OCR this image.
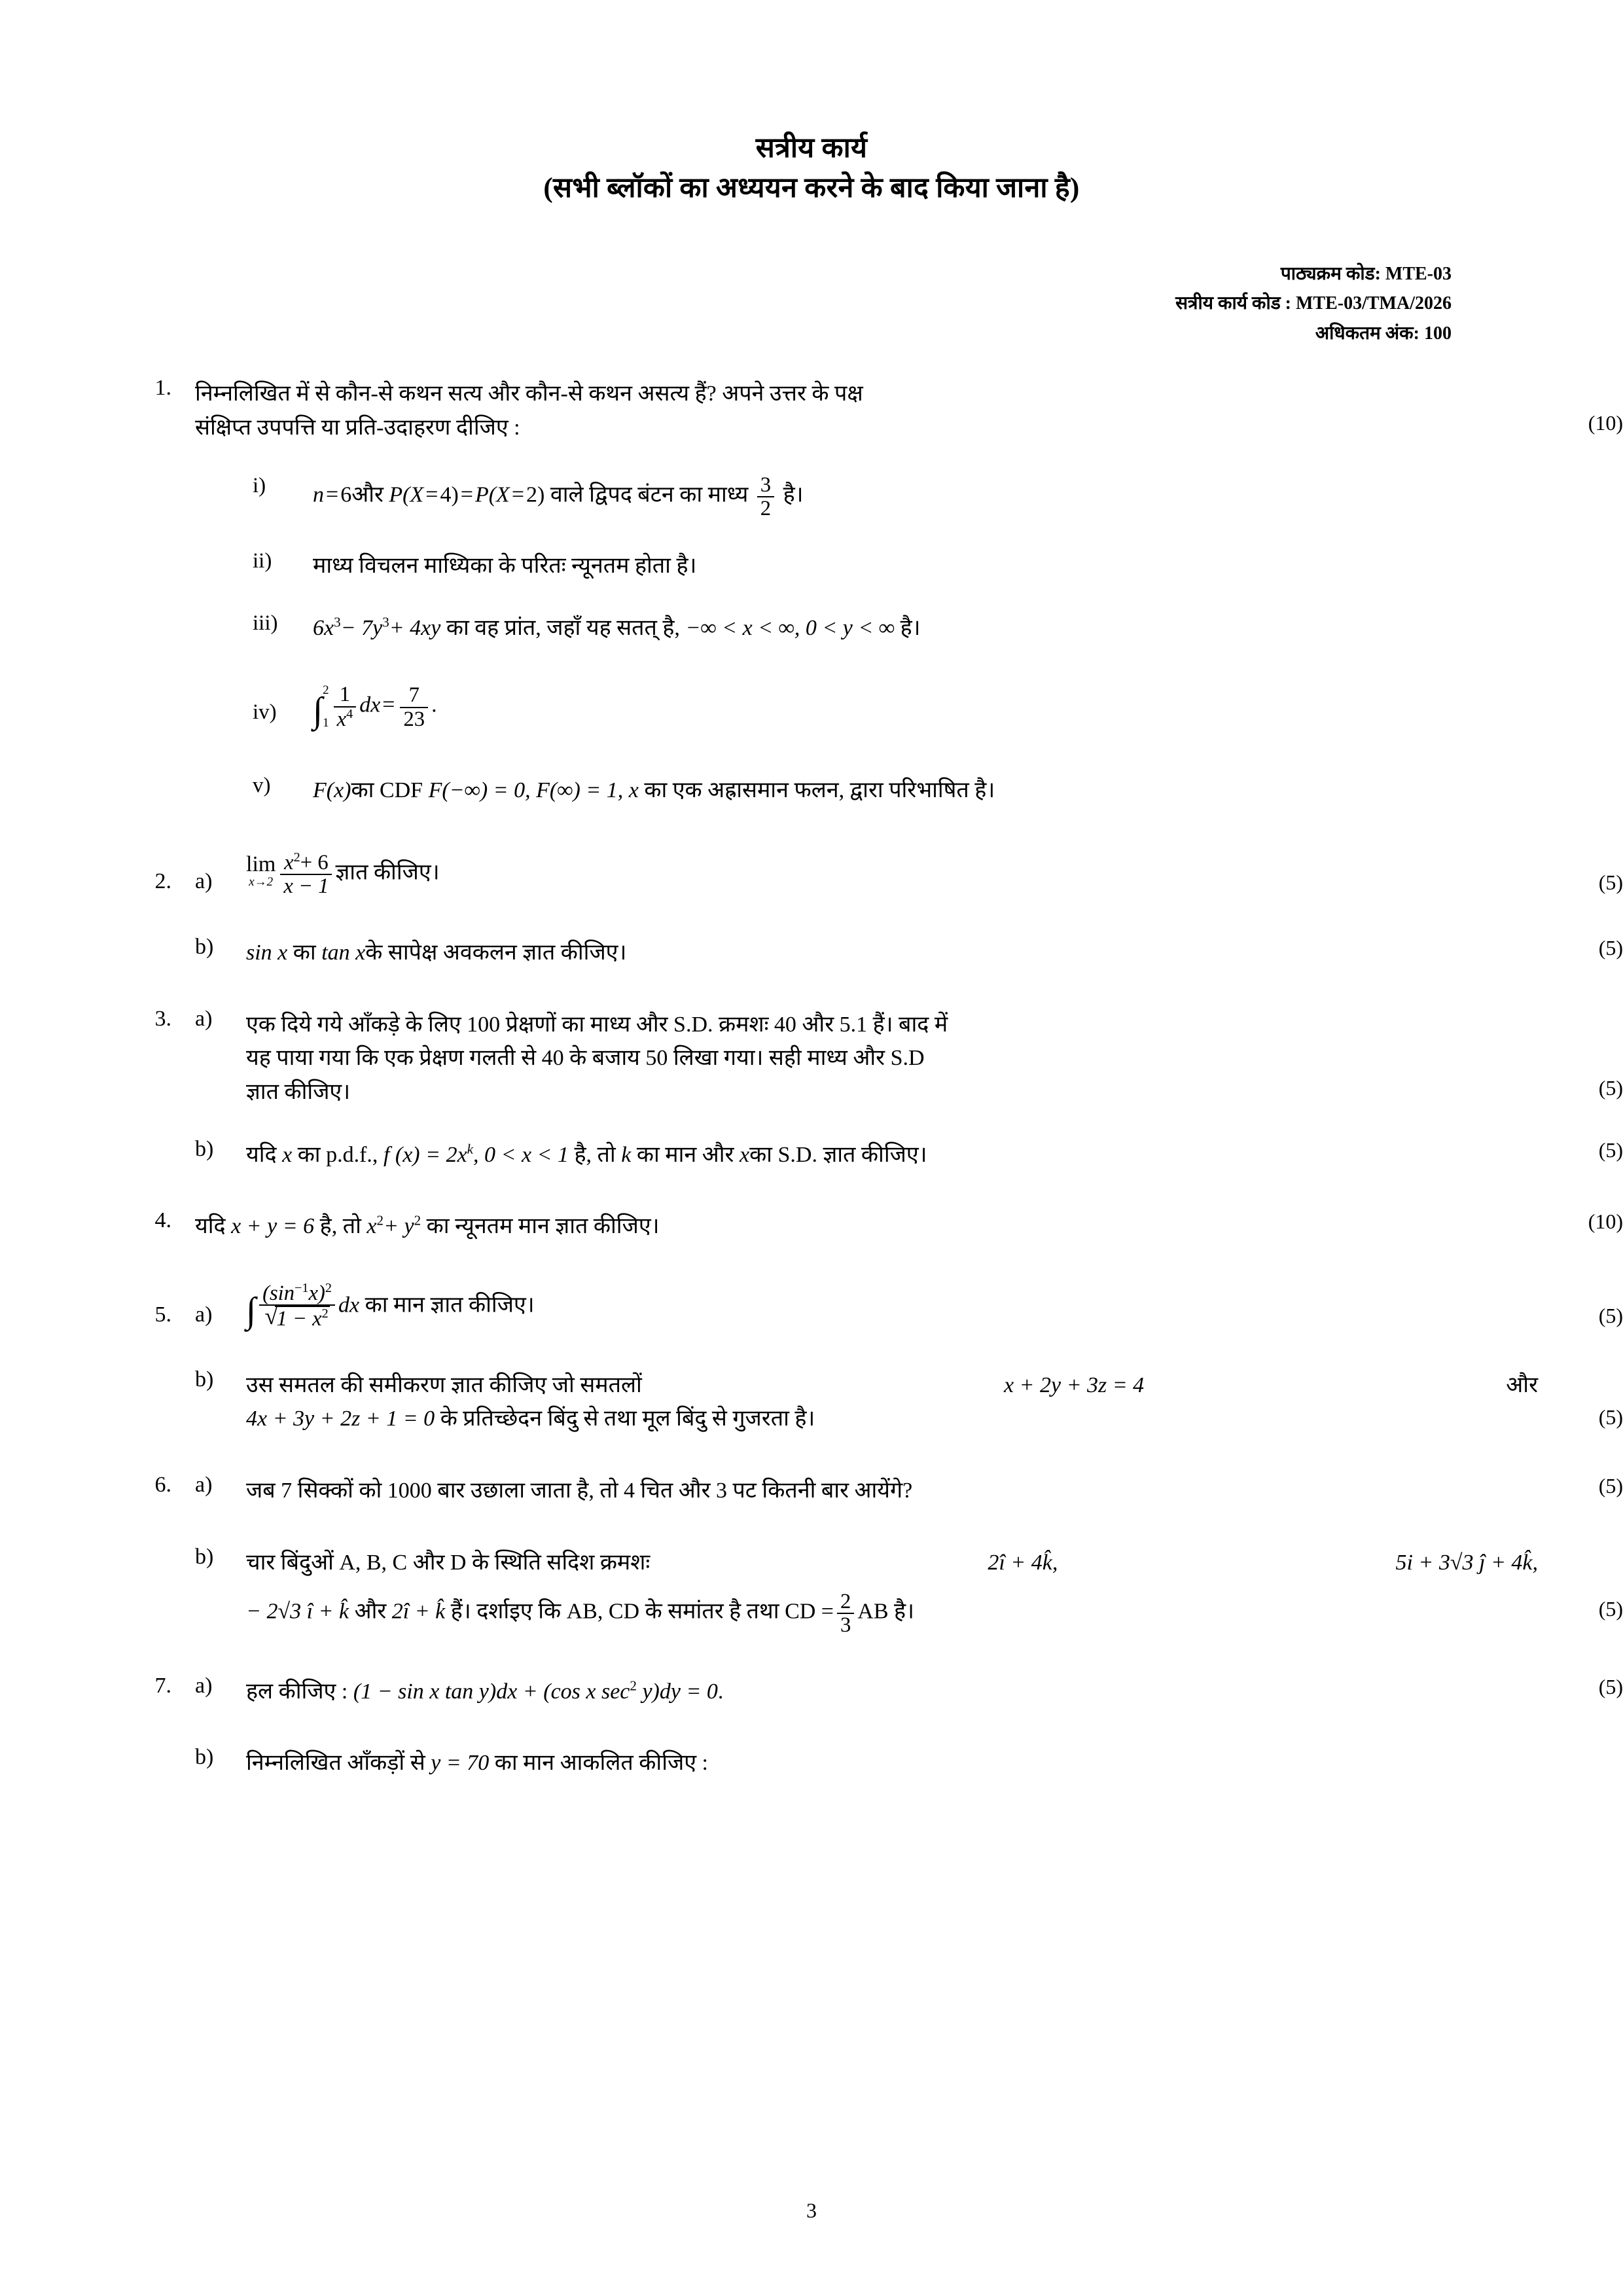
सत्रीय कार्य
(सभी ब्लॉकों का अध्ययन करने के बाद किया जाना है)
पाठ्यक्रम कोड: MTE-03
सत्रीय कार्य कोड : MTE-03/TMA/2026
अधिकतम अंक: 100
1.	निम्नलिखित में से कौन-से कथन सत्य और कौन-से कथन असत्य हैं? अपने उत्तर के पक्ष
संक्षिप्त उपपत्ति या प्रति-उदाहरण दीजिए :	(10)
i)	n=6और P(X=4)=P(X=2) वाले द्विपद बंटन का माध्य $\frac{3}{2}$ है।
ii)	माध्य विचलन माध्यिका के परितः न्यूनतम होता है।
iii)	$6x^3- 7y^3+ 4xy$ का वह प्रांत, जहाँ यह सतत् है, −∞ < x < ∞, 0 < y < ∞ है।
iv)	∫ 2
$1 \frac{1}{x^4} dx= \frac{7}{23}$ .
v)	F(x)का CDF F(−∞) = 0, F(∞) = 1, x का एक अह्रासमान फलन, द्वारा परिभाषित है।
2.	a)
lim
$x\to 2 \frac{x^2+ 6}{x - 1}$ ज्ञात कीजिए।	(5)
b)	sin x का tan xके सापेक्ष अवकलन ज्ञात कीजिए।	(5)
3.	a)	एक दिये गये आँकड़े के लिए 100 प्रेक्षणों का माध्य और S.D. क्रमशः 40 और 5.1 हैं। बाद में
यह पाया गया कि एक प्रेक्षण गलती से 40 के बजाय 50 लिखा गया। सही माध्य और S.D
ज्ञात कीजिए।	(5)
b)	यदि x का p.d.f., f $(x) = 2x^k$, 0 < x < 1 है, तो k का मान और xका S.D. ज्ञात कीजिए।	(5)
4.	यदि x + y = 6 है, तो $x^2+ y^2$ का न्यूनतम मान ज्ञात कीजिए।	(10)
5.	a) ∫ $(\sin^{-1}x)^2$
√ $1 - x^2$ dx का मान ज्ञात कीजिए।	(5)
b)	उस समतल की समीकरण ज्ञात कीजिए जो समतलों	x + 2y + 3z = 4	और
4x + 3y + 2z + 1 = 0 के प्रतिच्छेदन बिंदु से तथा मूल बिंदु से गुजरता है।	(5)
6.	a)	जब 7 सिक्कों को 1000 बार उछाला जाता है, तो 4 चित और 3 पट कितनी बार आयेंगे?	(5)
b)	चार बिंदुओं A, B, C और D के स्थिति सदिश क्रमशः	2î + 4k̂,	5i + 3√3 ĵ + 4k̂,
− 2√3 î + k̂ और 2î + k̂ हैं। दर्शाइए कि AB, CD के समांतर है तथा CD = $\frac{2}{3}$ AB है।	(5)
7.	a)	हल कीजिए : (1 − sin x tan y)dx + (cos x $\sec^2 y)dy = 0$.	(5)
b)	निम्नलिखित आँकड़ों से y = 70 का मान आकलित कीजिए :
3
